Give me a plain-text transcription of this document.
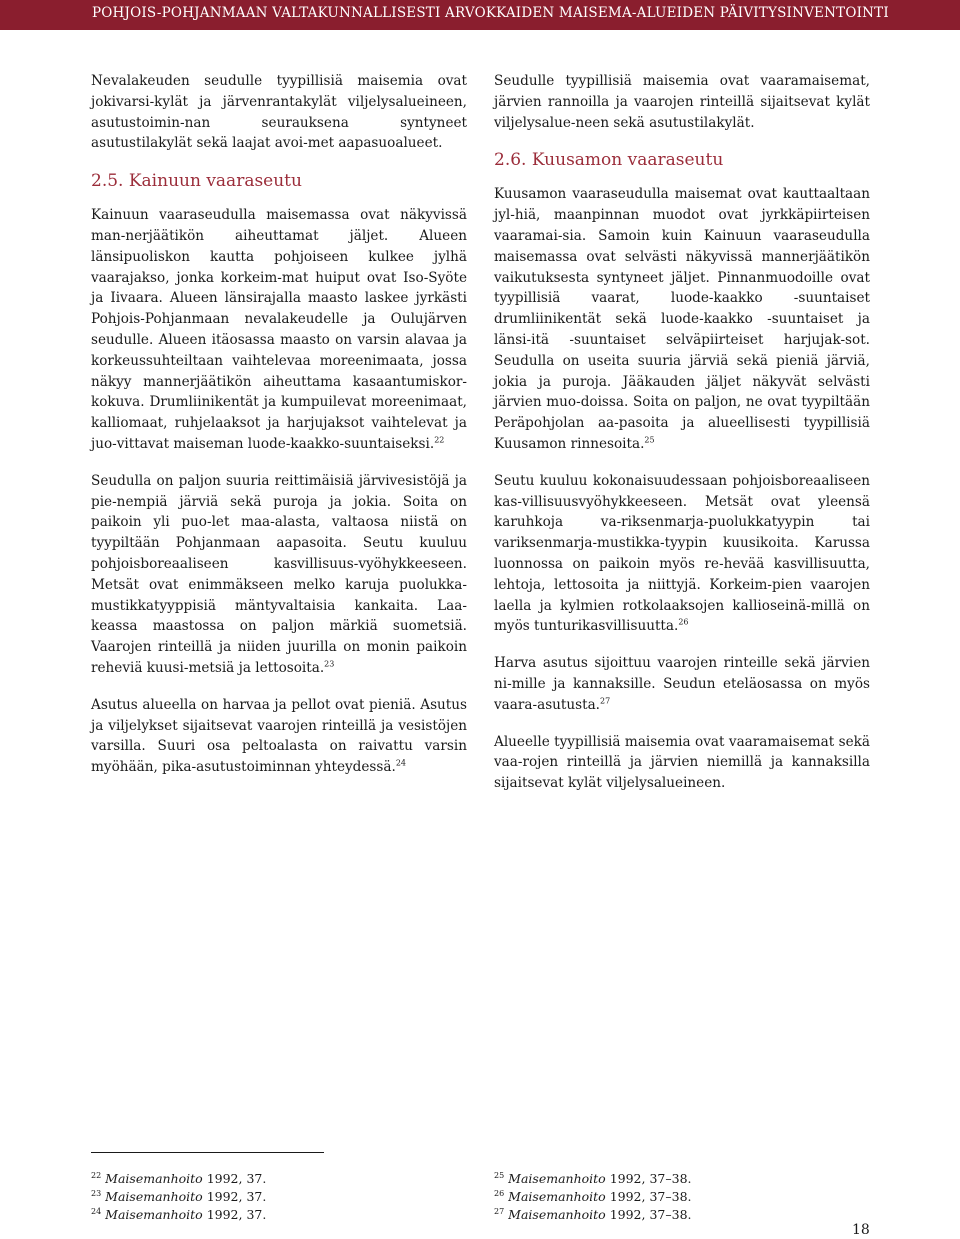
POHJOIS-POHJANMAAN VALTAKUNNALLISESTI ARVOKKAIDEN MAISEMA-ALUEIDEN PÄIVITYSINVENTOINTI

Nevalakeuden seudulle tyypillisiä maisemia ovat jokivarsi-kylät ja järvenrantakylät viljelysalueineen, asutustoimin-nan seurauksena syntyneet asutustilakylät sekä laajat avoi-met aapasuoalueet.

2.5. Kainuun vaaraseutu

Kainuun vaaraseudulla maisemassa ovat näkyvissä man-nerjäätikön aiheuttamat jäljet. Alueen länsipuoliskon kautta pohjoiseen kulkee jylhä vaarajakso, jonka korkeim-mat huiput ovat Iso-Syöte ja Iivaara. Alueen länsirajalla maasto laskee jyrkästi Pohjois-Pohjanmaan nevalakeudelle ja Oulujärven seudulle. Alueen itäosassa maasto on varsin alavaa ja korkeussuhteiltaan vaihtelevaa moreenimaata, jossa näkyy mannerjäätikön aiheuttama kasaantumiskor-kokuva. Drumliinikentät ja kumpuilevat moreenimaat, kalliomaat, ruhjelaaksot ja harjujaksot vaihtelevat ja juo-vittavat maiseman luode-kaakko-suuntaiseksi.$^{22}$

Seudulla on paljon suuria reittimäisiä järvivesistöjä ja pie-nempiä järviä sekä puroja ja jokia. Soita on paikoin yli puo-let maa-alasta, valtaosa niistä on tyypiltään Pohjanmaan aapasoita. Seutu kuuluu pohjoisboreaaliseen kasvillisuus-vyöhykkeeseen. Metsät ovat enimmäkseen melko karuja puolukka-mustikkatyyppisiä mäntyvaltaisia kankaita. Laa-keassa maastossa on paljon märkiä suometsiä. Vaarojen rinteillä ja niiden juurilla on monin paikoin reheviä kuusi-metsiä ja lettosoita.$^{23}$

Asutus alueella on harvaa ja pellot ovat pieniä. Asutus ja viljelykset sijaitsevat vaarojen rinteillä ja vesistöjen varsilla. Suuri osa peltoalasta on raivattu varsin myöhään, pika-asutustoiminnan yhteydessä.$^{24}$

Seudulle tyypillisiä maisemia ovat vaaramaisemat, järvien rannoilla ja vaarojen rinteillä sijaitsevat kylät viljelysalue-neen sekä asutustilakylät.

2.6. Kuusamon vaaraseutu

Kuusamon vaaraseudulla maisemat ovat kauttaaltaan jyl-hiä, maanpinnan muodot ovat jyrkkäpiirteisen vaaramai-sia. Samoin kuin Kainuun vaaraseudulla maisemassa ovat selvästi näkyvissä mannerjäätikön vaikutuksesta syntyneet jäljet. Pinnanmuodoille ovat tyypillisiä vaarat, luode-kaakko -suuntaiset drumliinikentät sekä luode-kaakko -suuntaiset ja länsi-itä -suuntaiset selväpiirteiset harjujak-sot. Seudulla on useita suuria järviä sekä pieniä järviä, jokia ja puroja. Jääkauden jäljet näkyvät selvästi järvien muo-doissa. Soita on paljon, ne ovat tyypiltään Peräpohjolan aa-pasoita ja alueellisesti tyypillisiä Kuusamon rinnesoita.$^{25}$

Seutu kuuluu kokonaisuudessaan pohjoisboreaaliseen kas-villisuusvyöhykkeeseen. Metsät ovat yleensä karuhkoja va-riksenmarja-puolukkatyypin tai variksenmarja-mustikka-tyypin kuusikoita. Karussa luonnossa on paikoin myös re-hevää kasvillisuutta, lehtoja, lettosoita ja niittyjä. Korkeim-pien vaarojen laella ja kylmien rotkolaaksojen kallioseinä-millä on myös tunturikasvillisuutta.$^{26}$

Harva asutus sijoittuu vaarojen rinteille sekä järvien ni-mille ja kannaksille. Seudun eteläosassa on myös vaara-asutusta.$^{27}$

Alueelle tyypillisiä maisemia ovat vaaramaisemat sekä vaa-rojen rinteillä ja järvien niemillä ja kannaksilla sijaitsevat kylät viljelysalueineen.

$^{22}$ Maisemanhoito 1992, 37.
$^{23}$ Maisemanhoito 1992, 37.
$^{24}$ Maisemanhoito 1992, 37.
$^{25}$ Maisemanhoito 1992, 37–38.
$^{26}$ Maisemanhoito 1992, 37–38.
$^{27}$ Maisemanhoito 1992, 37–38.
18
